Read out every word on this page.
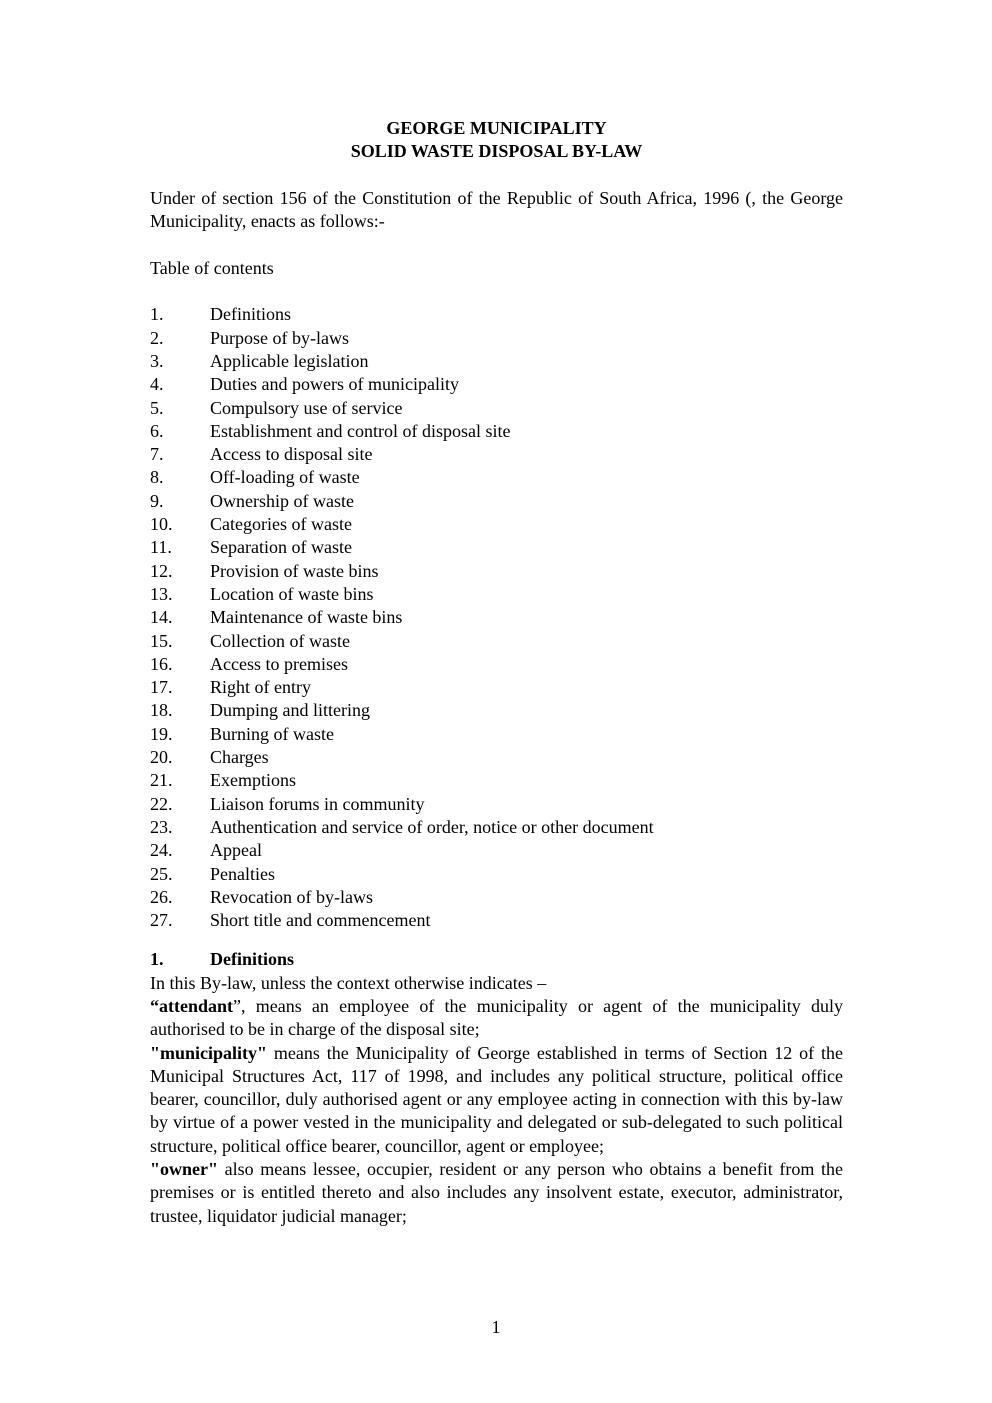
GEORGE MUNICIPALITY
SOLID WASTE DISPOSAL BY-LAW

Under of section 156 of the Constitution of the Republic of South Africa, 1996 (, the George Municipality, enacts as follows:-

Table of contents
1.	Definitions
2.	Purpose of by-laws
3.	Applicable legislation
4.	Duties and powers of municipality
5.	Compulsory use of service
6.	Establishment and control of disposal site
7.	Access to disposal site
8.	Off-loading of waste
9.	Ownership of waste
10.	Categories of waste
11.	Separation of waste
12.	Provision of waste bins
13.	Location of waste bins
14.	Maintenance of waste bins
15.	Collection of waste
16.	Access to premises
17.	Right of entry
18.	Dumping and littering
19.	Burning of waste
20.	Charges
21.	Exemptions
22.	Liaison forums in community
23.	Authentication and service of order, notice or other document
24.	Appeal
25.	Penalties
26.	Revocation of by-laws
27.	Short title and commencement
1.	Definitions

In this By-law, unless the context otherwise indicates –

“attendant”, means an employee of the municipality or agent of the municipality duly authorised to be in charge of the disposal site;

"municipality" means the Municipality of George established in terms of Section 12 of the Municipal Structures Act, 117 of 1998, and includes any political structure, political office bearer, councillor, duly authorised agent or any employee acting in connection with this by-law by virtue of a power vested in the municipality and delegated or sub-delegated to such political structure, political office bearer, councillor, agent or employee;

"owner" also means lessee, occupier, resident or any person who obtains a benefit from the premises or is entitled thereto and also includes any insolvent estate, executor, administrator, trustee, liquidator judicial manager;

1
